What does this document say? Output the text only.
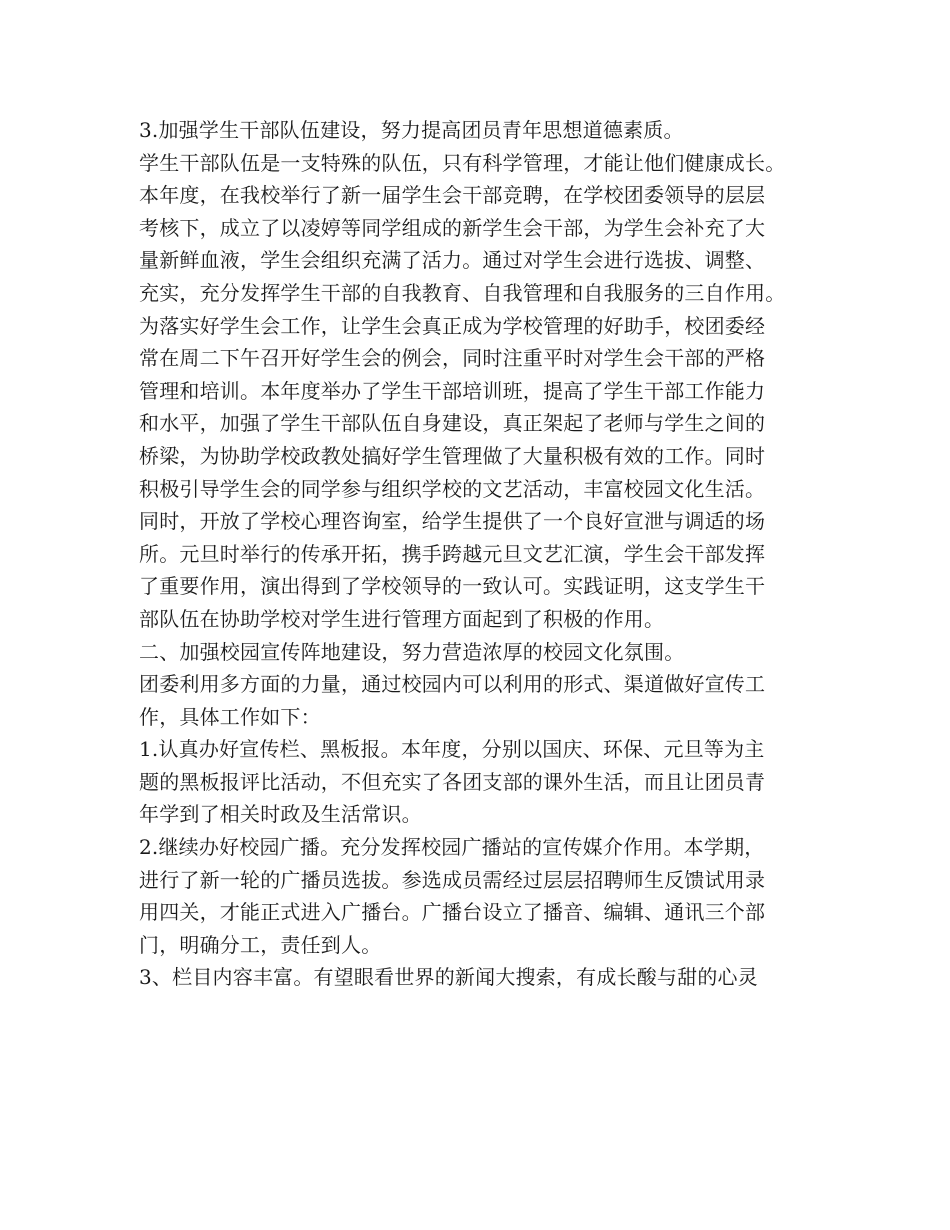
3.加强学生干部队伍建设，努力提高团员青年思想道德素质。
学生干部队伍是一支特殊的队伍，只有科学管理，才能让他们健康成长。
本年度，在我校举行了新一届学生会干部竞聘，在学校团委领导的层层
考核下，成立了以凌婷等同学组成的新学生会干部，为学生会补充了大
量新鲜血液，学生会组织充满了活力。通过对学生会进行选拔、调整、
充实，充分发挥学生干部的自我教育、自我管理和自我服务的三自作用。
为落实好学生会工作，让学生会真正成为学校管理的好助手，校团委经
常在周二下午召开好学生会的例会，同时注重平时对学生会干部的严格
管理和培训。本年度举办了学生干部培训班，提高了学生干部工作能力
和水平，加强了学生干部队伍自身建设，真正架起了老师与学生之间的
桥梁，为协助学校政教处搞好学生管理做了大量积极有效的工作。同时
积极引导学生会的同学参与组织学校的文艺活动，丰富校园文化生活。
同时，开放了学校心理咨询室，给学生提供了一个良好宣泄与调适的场
所。元旦时举行的传承开拓，携手跨越元旦文艺汇演，学生会干部发挥
了重要作用，演出得到了学校领导的一致认可。实践证明，这支学生干
部队伍在协助学校对学生进行管理方面起到了积极的作用。
二、加强校园宣传阵地建设，努力营造浓厚的校园文化氛围。
团委利用多方面的力量，通过校园内可以利用的形式、渠道做好宣传工
作，具体工作如下：
1.认真办好宣传栏、黑板报。本年度，分别以国庆、环保、元旦等为主
题的黑板报评比活动，不但充实了各团支部的课外生活，而且让团员青
年学到了相关时政及生活常识。
2.继续办好校园广播。充分发挥校园广播站的宣传媒介作用。本学期，
进行了新一轮的广播员选拔。参选成员需经过层层招聘师生反馈试用录
用四关，才能正式进入广播台。广播台设立了播音、编辑、通讯三个部
门，明确分工，责任到人。
3、栏目内容丰富。有望眼看世界的新闻大搜索，有成长酸与甜的心灵
